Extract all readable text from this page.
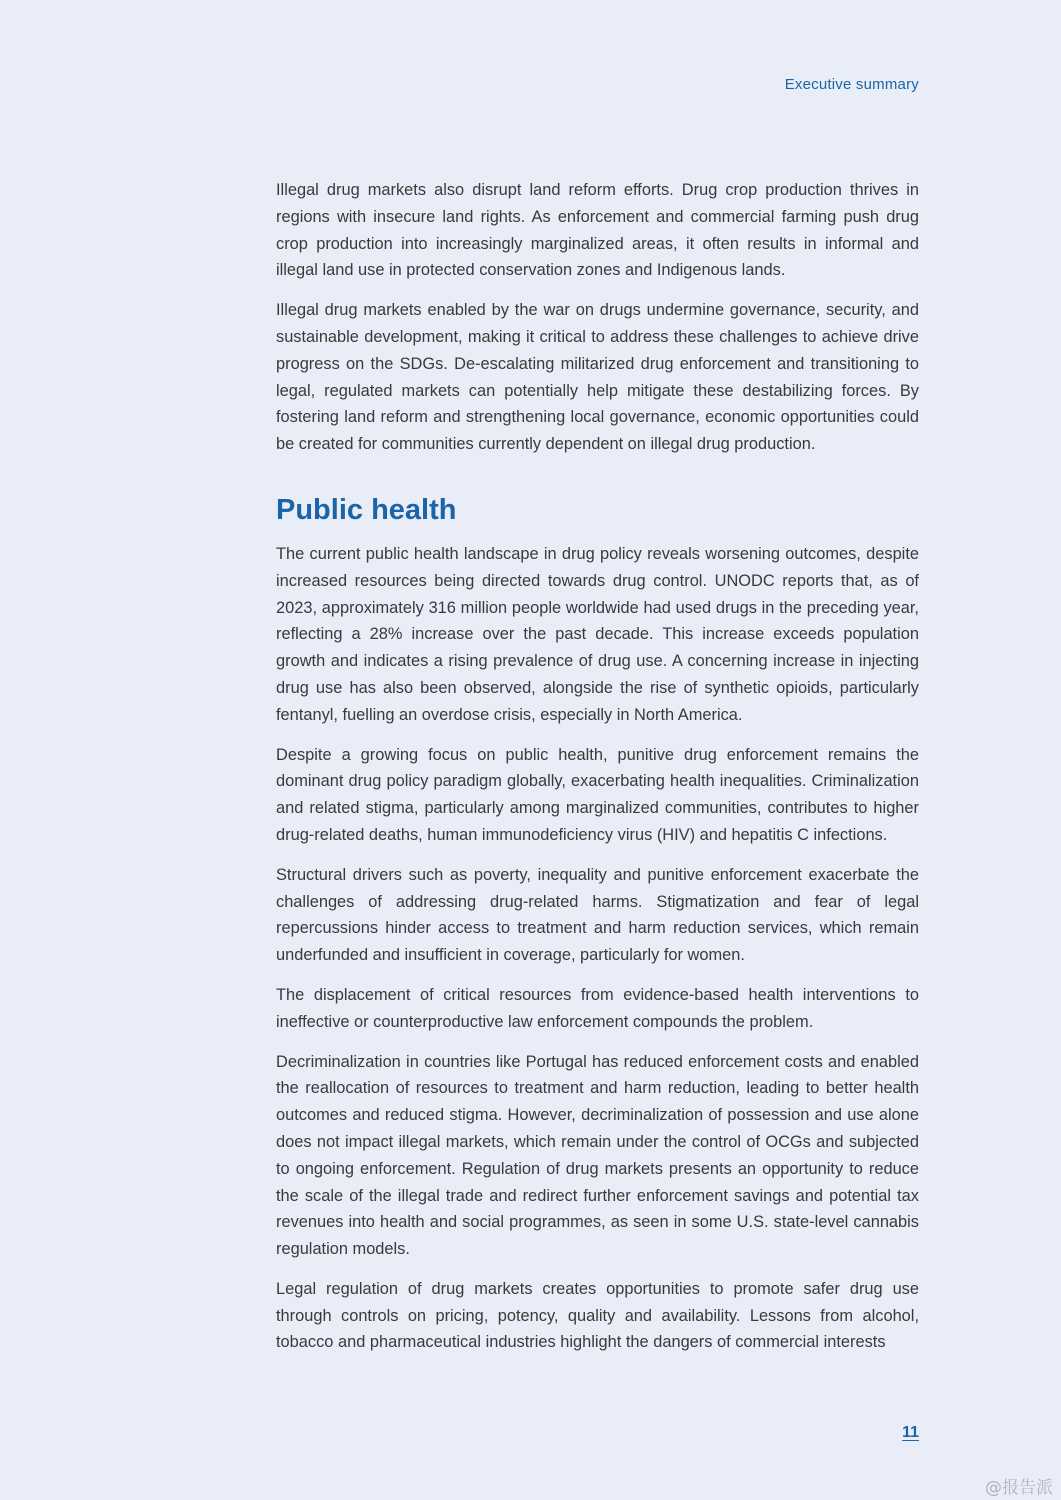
Executive summary

Illegal drug markets also disrupt land reform efforts. Drug crop production thrives in regions with insecure land rights. As enforcement and commercial farming push drug crop production into increasingly marginalized areas, it often results in informal and illegal land use in protected conservation zones and Indigenous lands.

Illegal drug markets enabled by the war on drugs undermine governance, security, and sustainable development, making it critical to address these challenges to achieve drive progress on the SDGs. De-escalating militarized drug enforcement and transitioning to legal, regulated markets can potentially help mitigate these destabilizing forces. By fostering land reform and strengthening local governance, economic opportunities could be created for communities currently dependent on illegal drug production.

Public health

The current public health landscape in drug policy reveals worsening outcomes, despite increased resources being directed towards drug control. UNODC reports that, as of 2023, approximately 316 million people worldwide had used drugs in the preceding year, reflecting a 28% increase over the past decade. This increase exceeds population growth and indicates a rising prevalence of drug use. A concerning increase in injecting drug use has also been observed, alongside the rise of synthetic opioids, particularly fentanyl, fuelling an overdose crisis, especially in North America.

Despite a growing focus on public health, punitive drug enforcement remains the dominant drug policy paradigm globally, exacerbating health inequalities. Criminalization and related stigma, particularly among marginalized communities, contributes to higher drug-related deaths, human immunodeficiency virus (HIV) and hepatitis C infections.

Structural drivers such as poverty, inequality and punitive enforcement exacerbate the challenges of addressing drug-related harms. Stigmatization and fear of legal repercussions hinder access to treatment and harm reduction services, which remain underfunded and insufficient in coverage, particularly for women.

The displacement of critical resources from evidence-based health interventions to ineffective or counterproductive law enforcement compounds the problem.

Decriminalization in countries like Portugal has reduced enforcement costs and enabled the reallocation of resources to treatment and harm reduction, leading to better health outcomes and reduced stigma. However, decriminalization of possession and use alone does not impact illegal markets, which remain under the control of OCGs and subjected to ongoing enforcement. Regulation of drug markets presents an opportunity to reduce the scale of the illegal trade and redirect further enforcement savings and potential tax revenues into health and social programmes, as seen in some U.S. state-level cannabis regulation models.

Legal regulation of drug markets creates opportunities to promote safer drug use through controls on pricing, potency, quality and availability. Lessons from alcohol, tobacco and pharmaceutical industries highlight the dangers of commercial interests

11
@报告派
